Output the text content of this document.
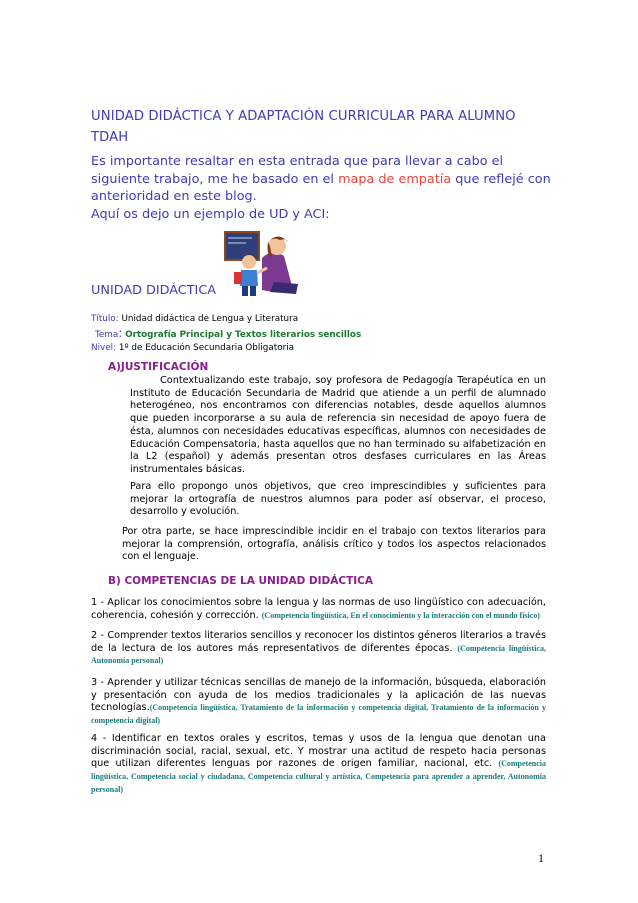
UNIDAD DIDÁCTICA Y ADAPTACIÓN CURRICULAR PARA ALUMNO TDAH
Es importante resaltar en esta entrada que para llevar a cabo el siguiente trabajo, me he basado en el mapa de empatía que reflejé con anterioridad en este blog.
Aquí os dejo un ejemplo de UD y ACI:
UNIDAD DIDÁCTICA
Título: Unidad didáctica de Lengua y Literatura
Tema: Ortografía Principal y Textos literarios sencillos
Nivel: 1º de Educación Secundaria Obligatoria
A)JUSTIFICACIÓN
Contextualizando este trabajo, soy profesora de Pedagogía Terapéutica en un Instituto de Educación Secundaria de Madrid que atiende a un perfil de alumnado heterogéneo, nos encontramos con diferencias notables, desde aquellos alumnos que pueden incorporarse a su aula de referencia sin necesidad de apoyo fuera de ésta, alumnos con necesidades educativas específicas, alumnos con necesidades de Educación Compensatoria, hasta aquellos que no han terminado su alfabetización en la L2 (español) y además presentan otros desfases curriculares en las Áreas instrumentales básicas.
Para ello propongo unos objetivos, que creo imprescindibles y suficientes para mejorar la ortografía de nuestros alumnos para poder así observar, el proceso, desarrollo y evolución.
Por otra parte, se hace imprescindible incidir en el trabajo con textos literarios para mejorar la comprensión, ortografía, análisis crítico y todos los aspectos relacionados con el lenguaje.
B) COMPETENCIAS DE LA UNIDAD DIDÁCTICA
1 - Aplicar los conocimientos sobre la lengua y las normas de uso lingüístico con adecuación, coherencia, cohesión y corrección. (Competencia lingüística, En el conocimiento y la interacción con el mundo físico)
2 - Comprender textos literarios sencillos y reconocer los distintos géneros literarios a través de la lectura de los autores más representativos de diferentes épocas. (Competencia lingüística, Autonomía personal)
3 - Aprender y utilizar técnicas sencillas de manejo de la información, búsqueda, elaboración y presentación con ayuda de los medios tradicionales y la aplicación de las nuevas tecnologías.(Competencia lingüística, Tratamiento de la información y competencia digital, Tratamiento de la información y competencia digital)
4 - Identificar en textos orales y escritos, temas y usos de la lengua que denotan una discriminación social, racial, sexual, etc. Y mostrar una actitud de respeto hacia personas que utilizan diferentes lenguas por razones de origen familiar, nacional, etc. (Competencia lingüística, Competencia social y ciudadana, Competencia cultural y artística, Competencia para aprender a aprender, Autonomía personal)
1
